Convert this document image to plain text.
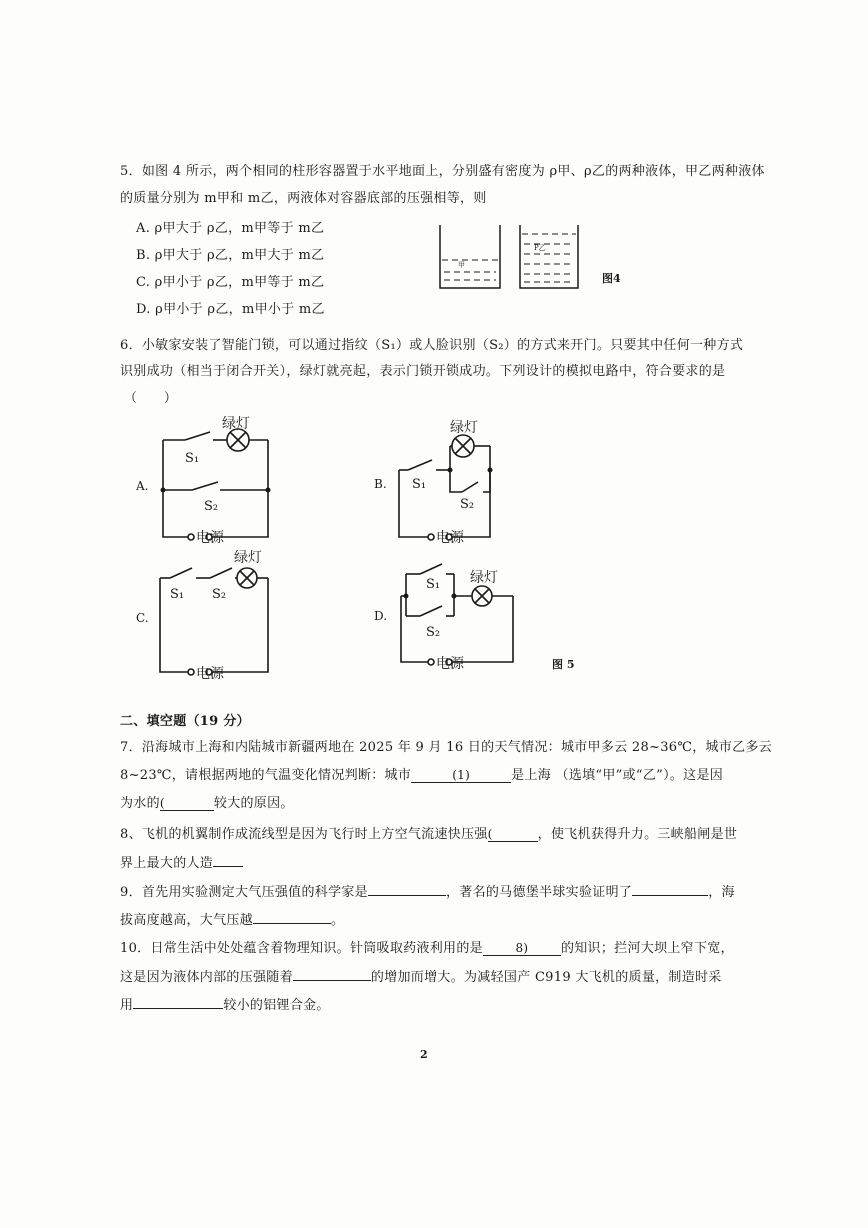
5．如图 4 所示，两个相同的柱形容器置于水平地面上，分别盛有密度为 ρ甲、ρ乙的两种液体，甲乙两种液体
的质量分别为 m甲和 m乙，两液体对容器底部的压强相等，则
A. ρ甲大于 ρ乙，m甲等于 m乙
B. ρ甲大于 ρ乙，m甲大于 m乙
C. ρ甲小于 ρ乙，m甲等于 m乙
D. ρ甲小于 ρ乙，m甲小于 m乙
甲
P乙
图4
6．小敏家安装了智能门锁，可以通过指纹（S₁）或人脸识别（S₂）的方式来开门。只要其中任何一种方式
识别成功（相当于闭合开关），绿灯就亮起，表示门锁开锁成功。下列设计的模拟电路中，符合要求的是
（　　）
A.
绿灯
S₁
S₂
电源
B.
绿灯
S₁
S₂
电源
C.
绿灯
S₁ S₂
电源
D.
绿灯
S₁
S₂
电源	图 5
二、填空题（19 分）
7．沿海城市上海和内陆城市新疆两地在 2025 年 9 月 16 日的天气情况：城市甲多云 28~36℃，城市乙多云
8~23℃，请根据两地的气温变化情况判断：城市	(1)	是上海 （选填“甲”或“乙”）。这是因
为水的(	较大的原因。
8、飞机的机翼制作成流线型是因为飞行时上方空气流速快压强(	，使飞机获得升力。三峡船闸是世
界上最大的人造
9．首先用实验测定大气压强值的科学家是	，著名的马德堡半球实验证明了	，海
拔高度越高，大气压越	。
10．日常生活中处处蕴含着物理知识。针筒吸取药液利用的是	8)	的知识；拦河大坝上窄下宽，
这是因为液体内部的压强随着	的增加而增大。为减轻国产 C919 大飞机的质量，制造时采
用	较小的铝锂合金。
2
